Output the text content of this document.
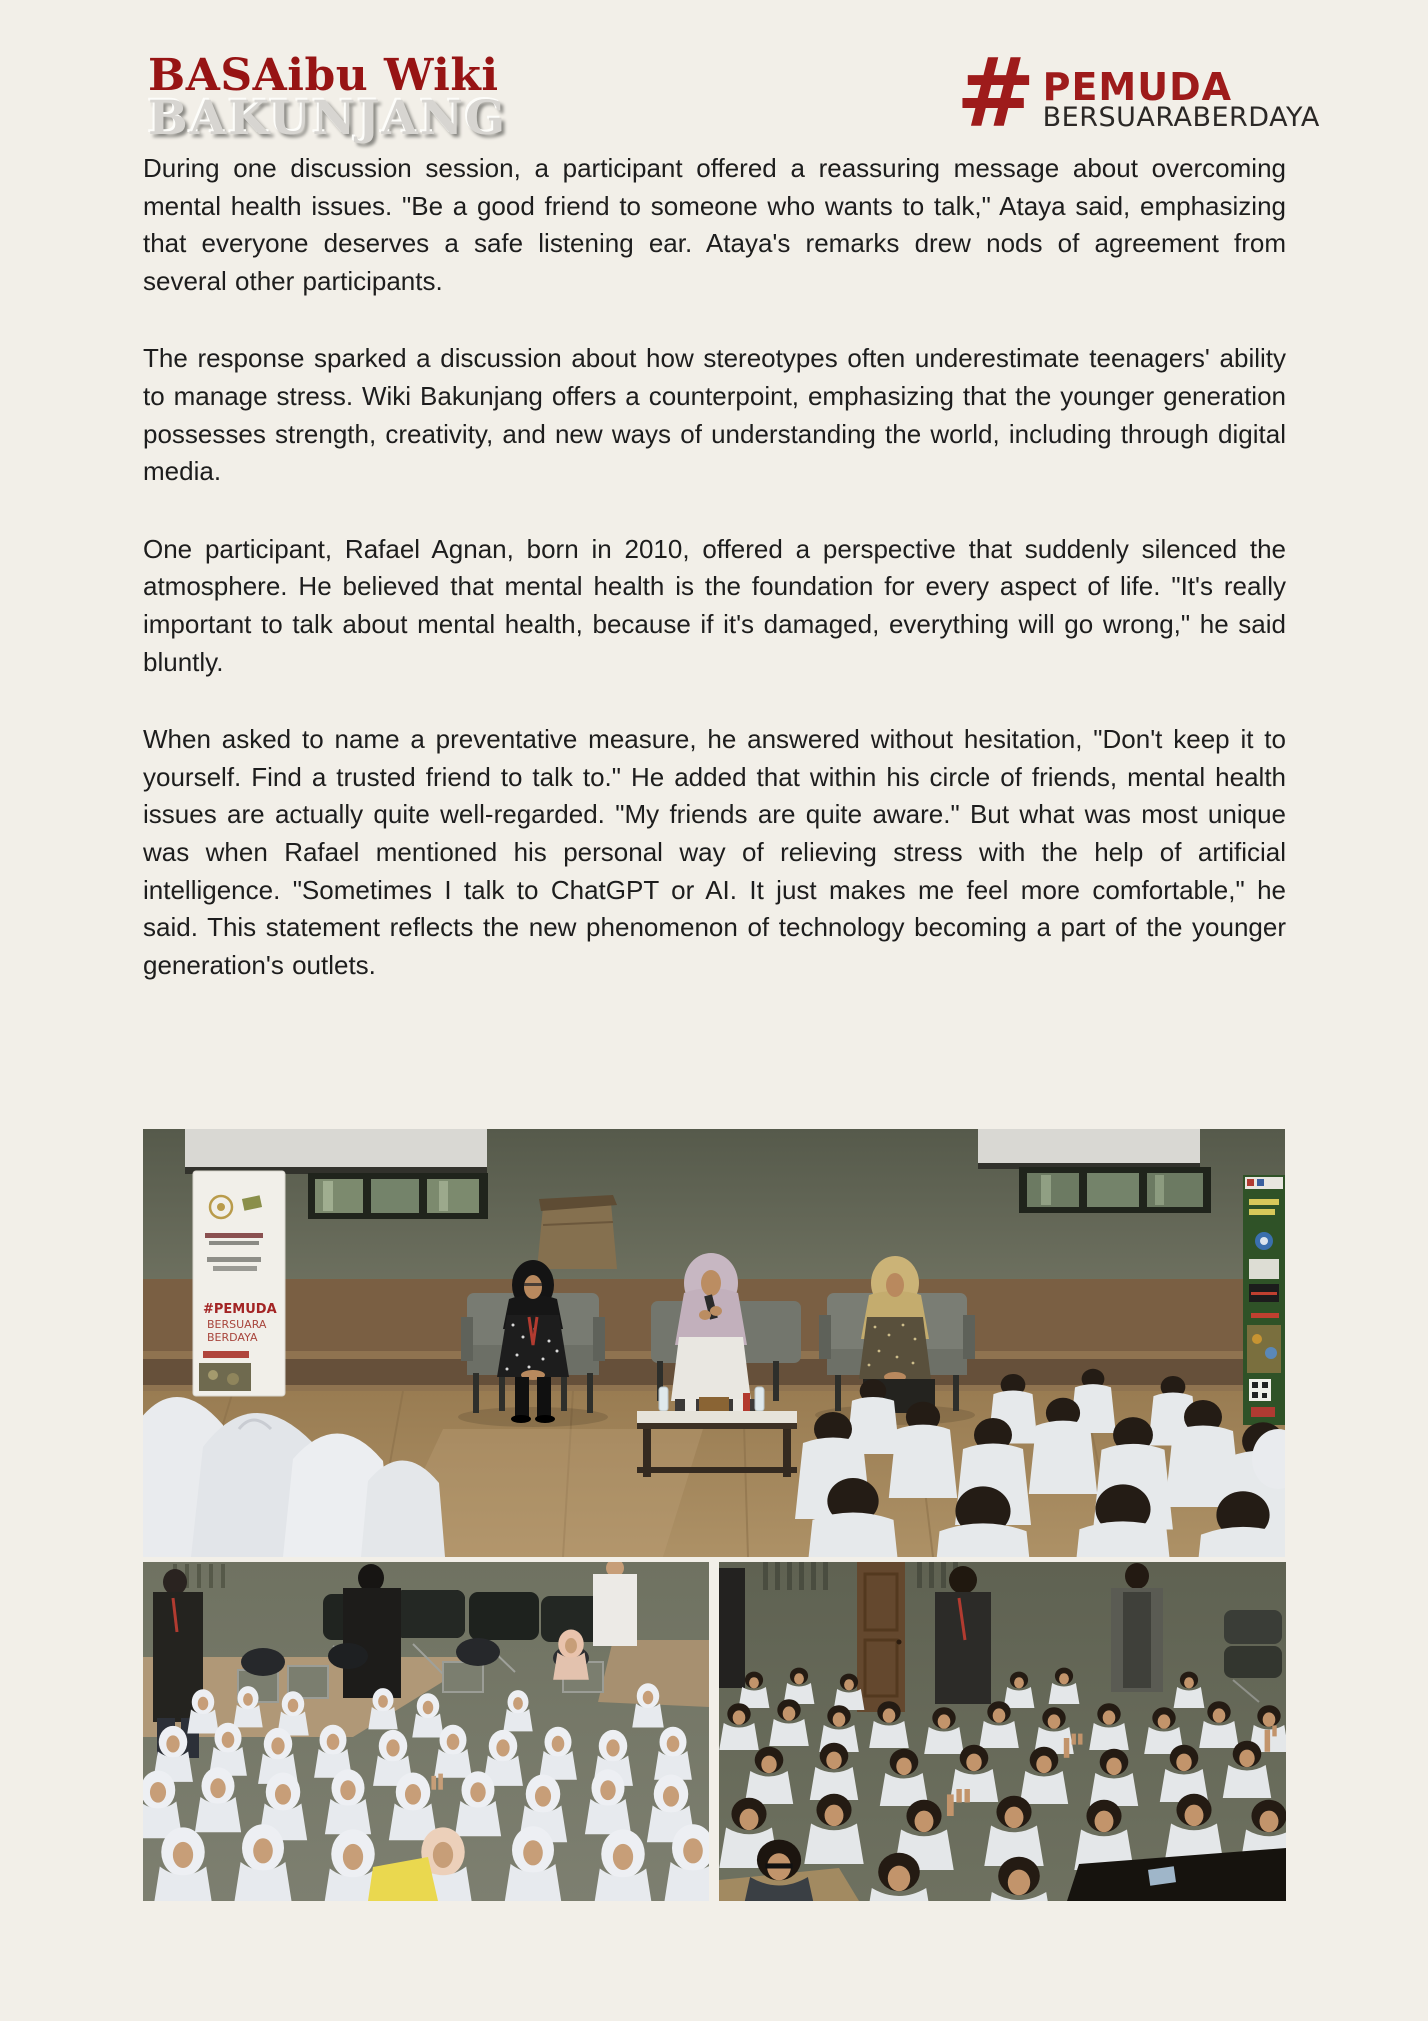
BASAibu Wiki
BAKUNJANG	# PEMUDA
BERSUARABERDAYA

During one discussion session, a participant offered a reassuring message about overcoming mental health issues. "Be a good friend to someone who wants to talk," Ataya said, emphasizing that everyone deserves a safe listening ear. Ataya's remarks drew nods of agreement from several other participants.

The response sparked a discussion about how stereotypes often underestimate teenagers' ability to manage stress. Wiki Bakunjang offers a counterpoint, emphasizing that the younger generation possesses strength, creativity, and new ways of understanding the world, including through digital media.

One participant, Rafael Agnan, born in 2010, offered a perspective that suddenly silenced the atmosphere. He believed that mental health is the foundation for every aspect of life. "It's really important to talk about mental health, because if it's damaged, everything will go wrong," he said bluntly.

When asked to name a preventative measure, he answered without hesitation, "Don't keep it to yourself. Find a trusted friend to talk to." He added that within his circle of friends, mental health issues are actually quite well-regarded. "My friends are quite aware." But what was most unique was when Rafael mentioned his personal way of relieving stress with the help of artificial intelligence. "Sometimes I talk to ChatGPT or AI. It just makes me feel more comfortable," he said. This statement reflects the new phenomenon of technology becoming a part of the younger generation's outlets.

#PEMUDA
BERSUARA
BERDAYA
